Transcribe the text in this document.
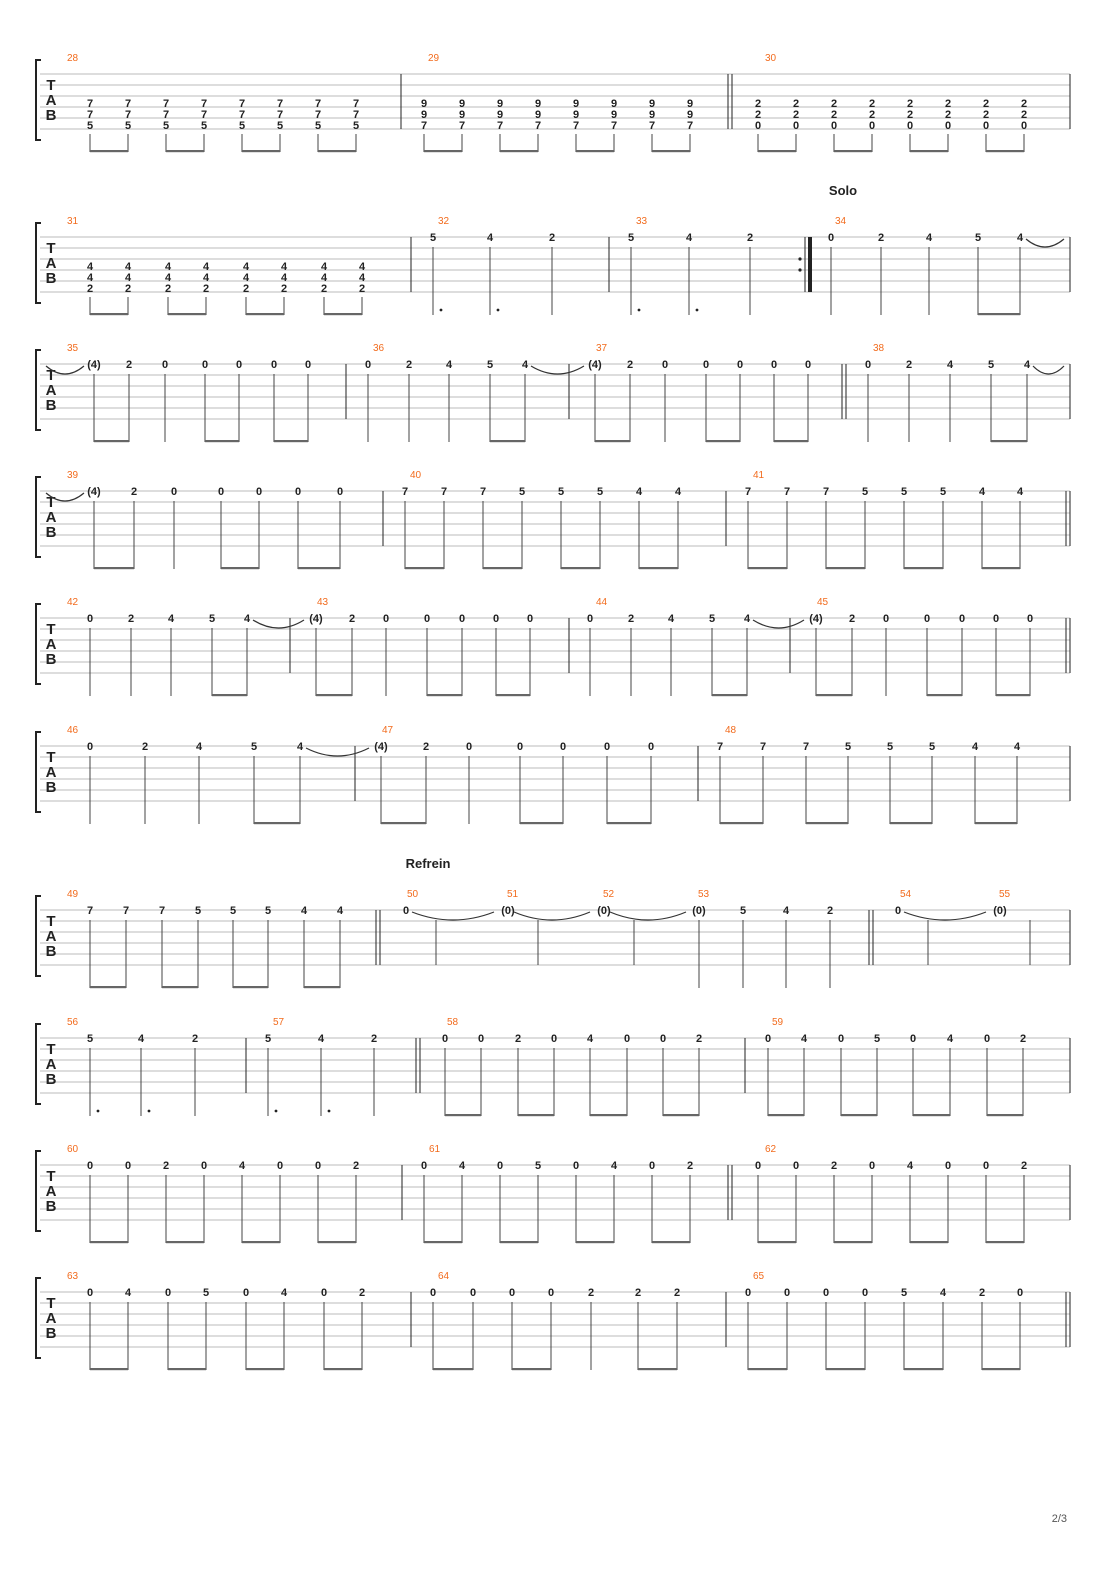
T
A
B
28
7
7
5
7
7
5
7
7
5
7
7
5
7
7
5
7
7
5
7
7
5
7
7
5
29
9
9
7
9
9
7
9
9
7
9
9
7
9
9
7
9
9
7
9
9
7
9
9
7
30
2
2
0
2
2
0
2
2
0
2
2
0
2
2
0
2
2
0
2
2
0
2
2
0
T
A
B
31
4
4
2
4
4
2
4
4
2
4
4
2
4
4
2
4
4
2
4
4
2
4
4
2
32
5	4	2
33
5	4	2
34
Solo
0	2	4	5	4
T
A
B
35
(4) 2	0	0	0	0	0
36
0	2	4	5	4
37
(4) 2	0	0	0	0	0
38
0	2	4	5	4
T
A
B
39
(4)	2	0	0	0	0	0
40
7	7	7	5	5	5	4	4
41
7	7	7	5	5	5	4	4
T
A
B
42
0	2	4	5	4
43
(4) 2	0	0	0	0	0
44
0	2	4	5	4
45
(4) 2	0	0	0	0	0
T
A
B
46
0	2	4	5	4
47
(4)	2	0	0	0	0	0
48
7	7	7	5	5	5	4	4
T
A
B
49
7	7	7	5	5	5	4	4
50
Refrein
0
51
(0)
52
(0)
53
(0)	5	4	2
54
0
55
(0)
T
A
B
56
5	4	2
57
5	4	2
58
0	0	2	0	4	0	0	2
59
0	4	0	5	0	4	0	2
T
A
B
60
0	0	2	0	4	0	0	2
61
0	4	0	5	0	4	0	2
62
0	0	2	0	4	0	0	2
T
A
B
63
0	4	0	5	0	4	0	2
64
0	0	0	0	2	2	2
65
0	0	0	0	5	4	2	0
2/3
